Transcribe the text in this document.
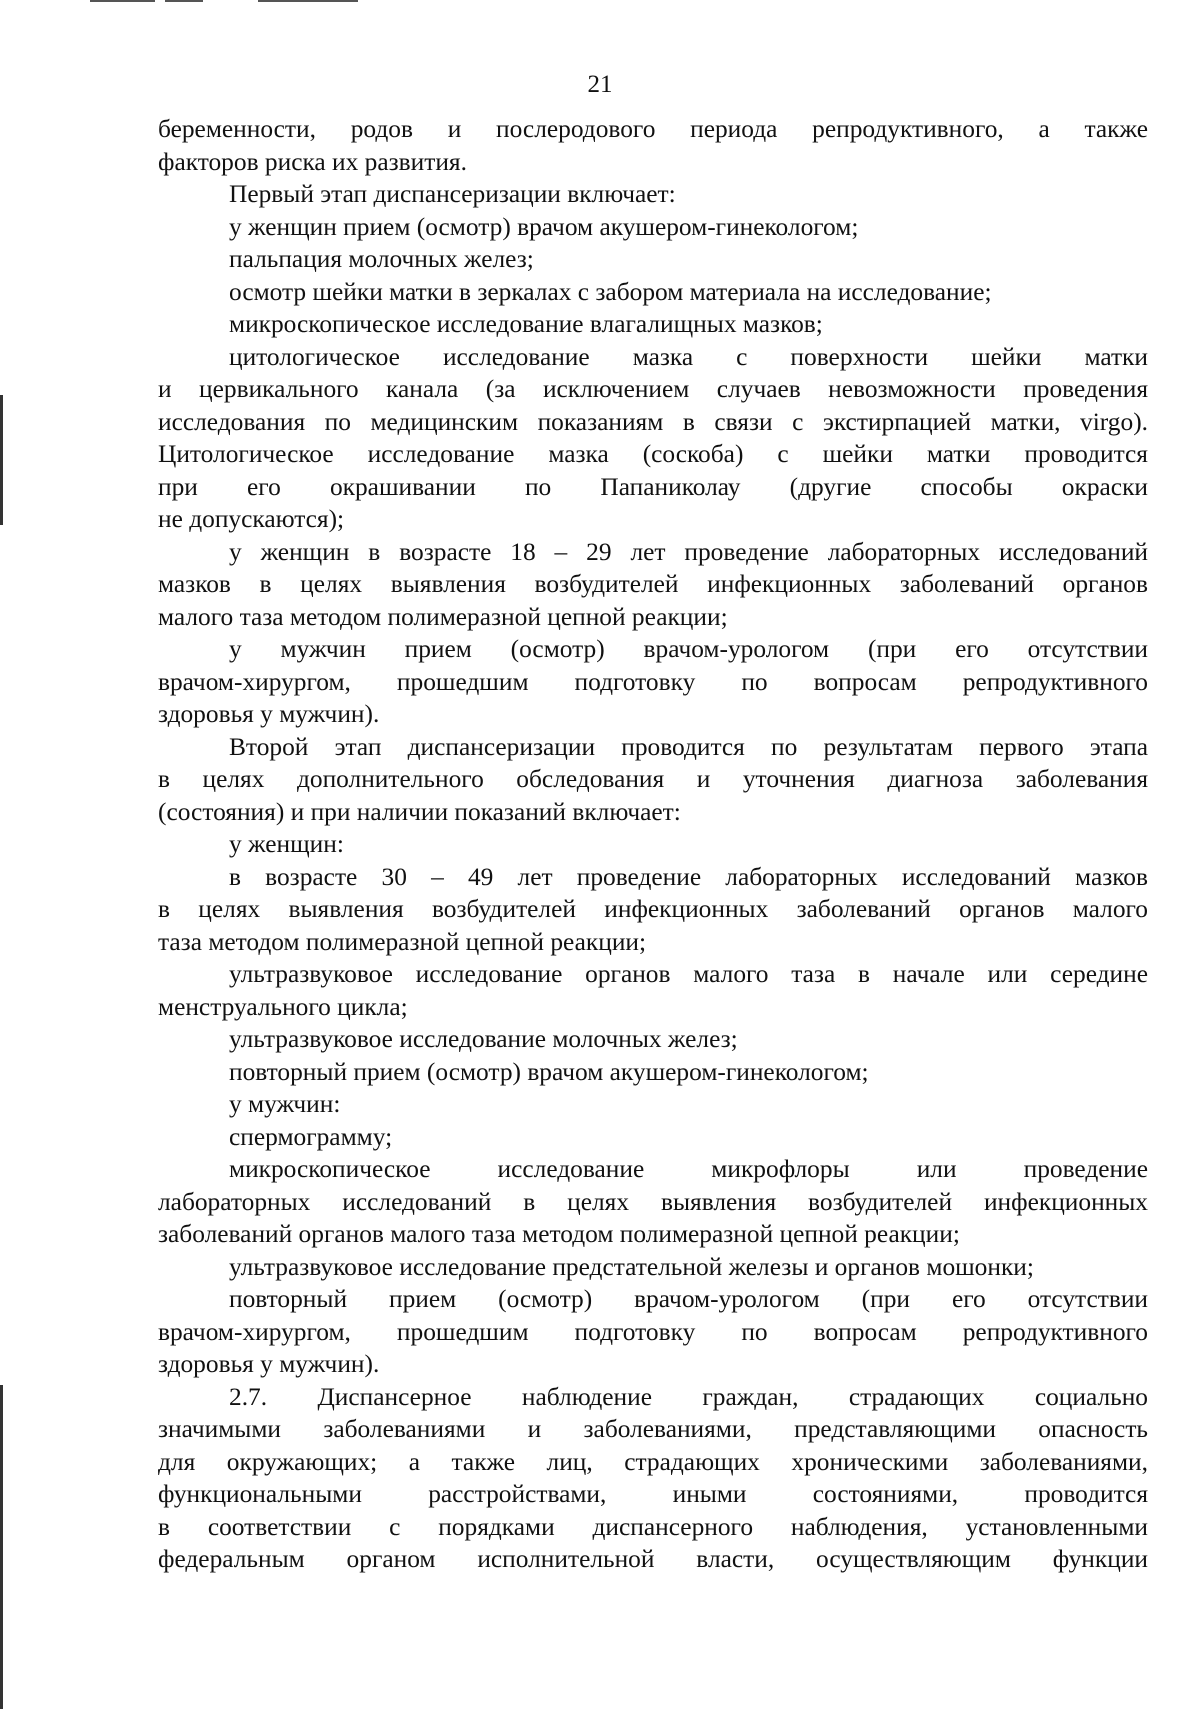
21

беременности, родов и послеродового периода репродуктивного, а также

факторов риска их развития.

Первый этап диспансеризации включает:

у женщин прием (осмотр) врачом акушером-гинекологом;

пальпация молочных желез;

осмотр шейки матки в зеркалах с забором материала на исследование;

микроскопическое исследование влагалищных мазков;

цитологическое исследование мазка с поверхности шейки матки

и цервикального канала (за исключением случаев невозможности проведения

исследования по медицинским показаниям в связи с экстирпацией матки, virgo).

Цитологическое исследование мазка (соскоба) с шейки матки проводится

при его окрашивании по Папаниколау (другие способы окраски

не допускаются);

у женщин в возрасте 18 – 29 лет проведение лабораторных исследований

мазков в целях выявления возбудителей инфекционных заболеваний органов

малого таза методом полимеразной цепной реакции;

у мужчин прием (осмотр) врачом-урологом (при его отсутствии

врачом-хирургом, прошедшим подготовку по вопросам репродуктивного

здоровья у мужчин).

Второй этап диспансеризации проводится по результатам первого этапа

в целях дополнительного обследования и уточнения диагноза заболевания

(состояния) и при наличии показаний включает:

у женщин:

в возрасте 30 – 49 лет проведение лабораторных исследований мазков

в целях выявления возбудителей инфекционных заболеваний органов малого

таза методом полимеразной цепной реакции;

ультразвуковое исследование органов малого таза в начале или середине

менструального цикла;

ультразвуковое исследование молочных желез;

повторный прием (осмотр) врачом акушером-гинекологом;

у мужчин:

спермограмму;

микроскопическое исследование микрофлоры или проведение

лабораторных исследований в целях выявления возбудителей инфекционных

заболеваний органов малого таза методом полимеразной цепной реакции;

ультразвуковое исследование предстательной железы и органов мошонки;

повторный прием (осмотр) врачом-урологом (при его отсутствии

врачом-хирургом, прошедшим подготовку по вопросам репродуктивного

здоровья у мужчин).

2.7. Диспансерное наблюдение граждан, страдающих социально

значимыми заболеваниями и заболеваниями, представляющими опасность

для окружающих; а также лиц, страдающих хроническими заболеваниями,

функциональными расстройствами, иными состояниями, проводится

в соответствии с порядками диспансерного наблюдения, установленными

федеральным органом исполнительной власти, осуществляющим функции
